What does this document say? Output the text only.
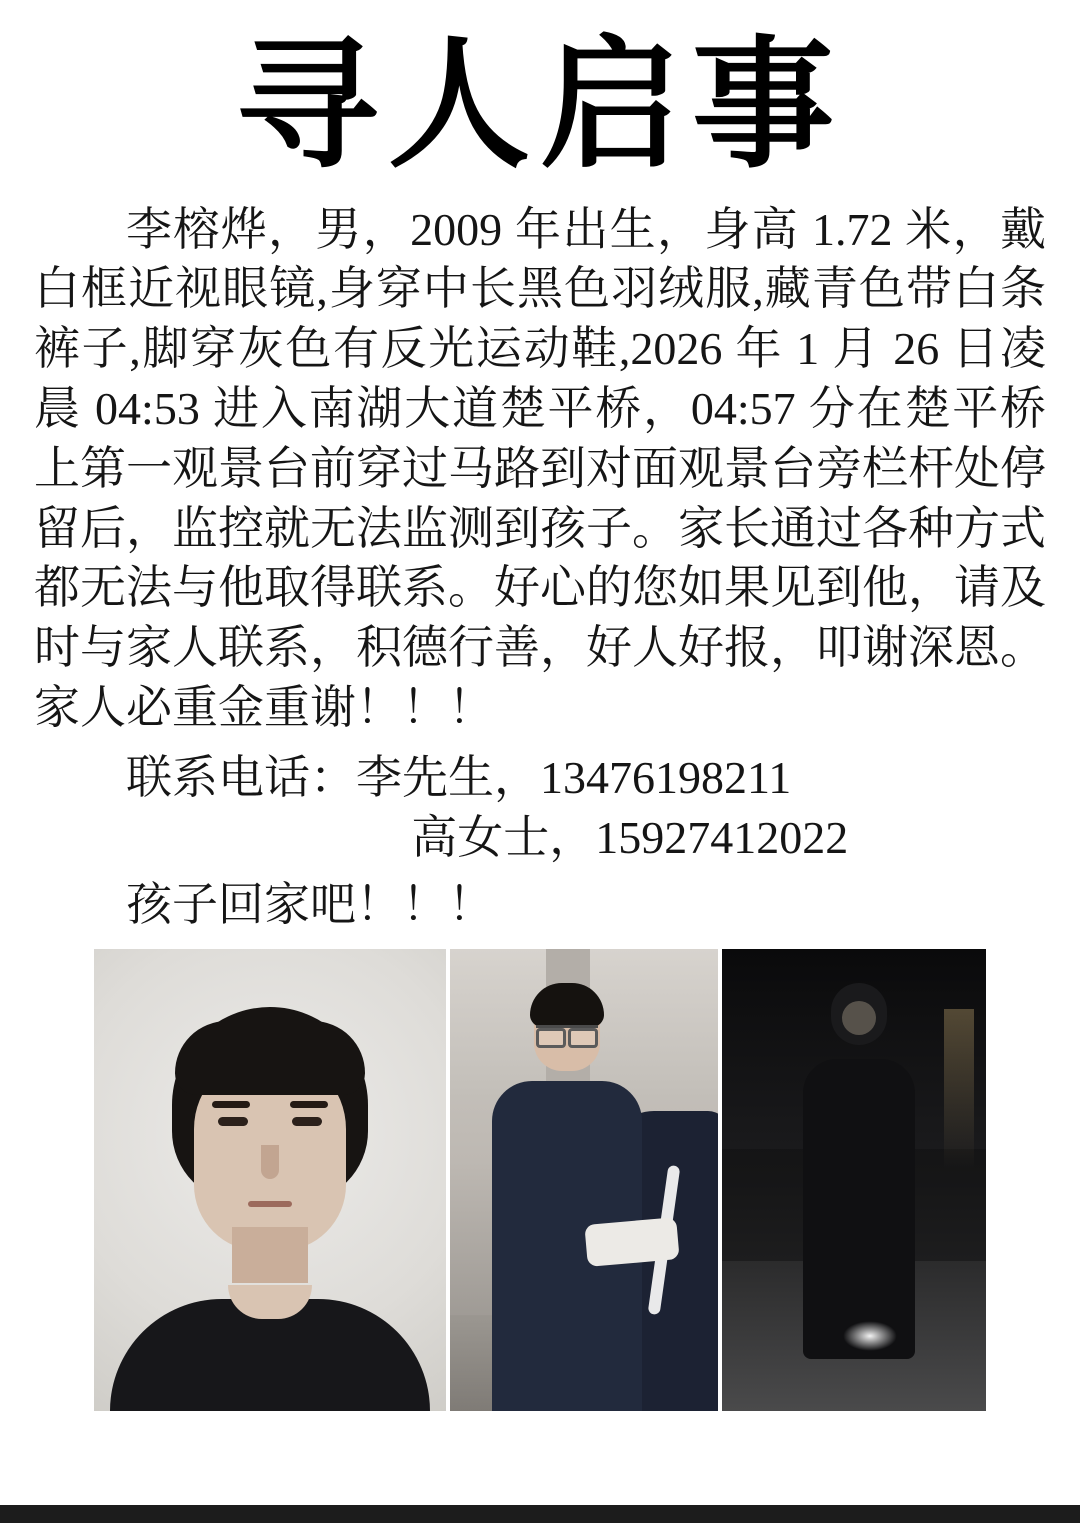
寻人启事

李榕烨，男，2009 年出生，身高 1.72 米，戴白框近视眼镜,身穿中长黑色羽绒服,藏青色带白条裤子,脚穿灰色有反光运动鞋,2026 年 1 月 26 日凌晨 04:53 进入南湖大道楚平桥，04:57 分在楚平桥上第一观景台前穿过马路到对面观景台旁栏杆处停留后，监控就无法监测到孩子。家长通过各种方式都无法与他取得联系。好心的您如果见到他，请及时与家人联系，积德行善，好人好报，叩谢深恩。家人必重金重谢！！！

联系电话：李先生，13476198211
高女士，15927412022
孩子回家吧！！！
